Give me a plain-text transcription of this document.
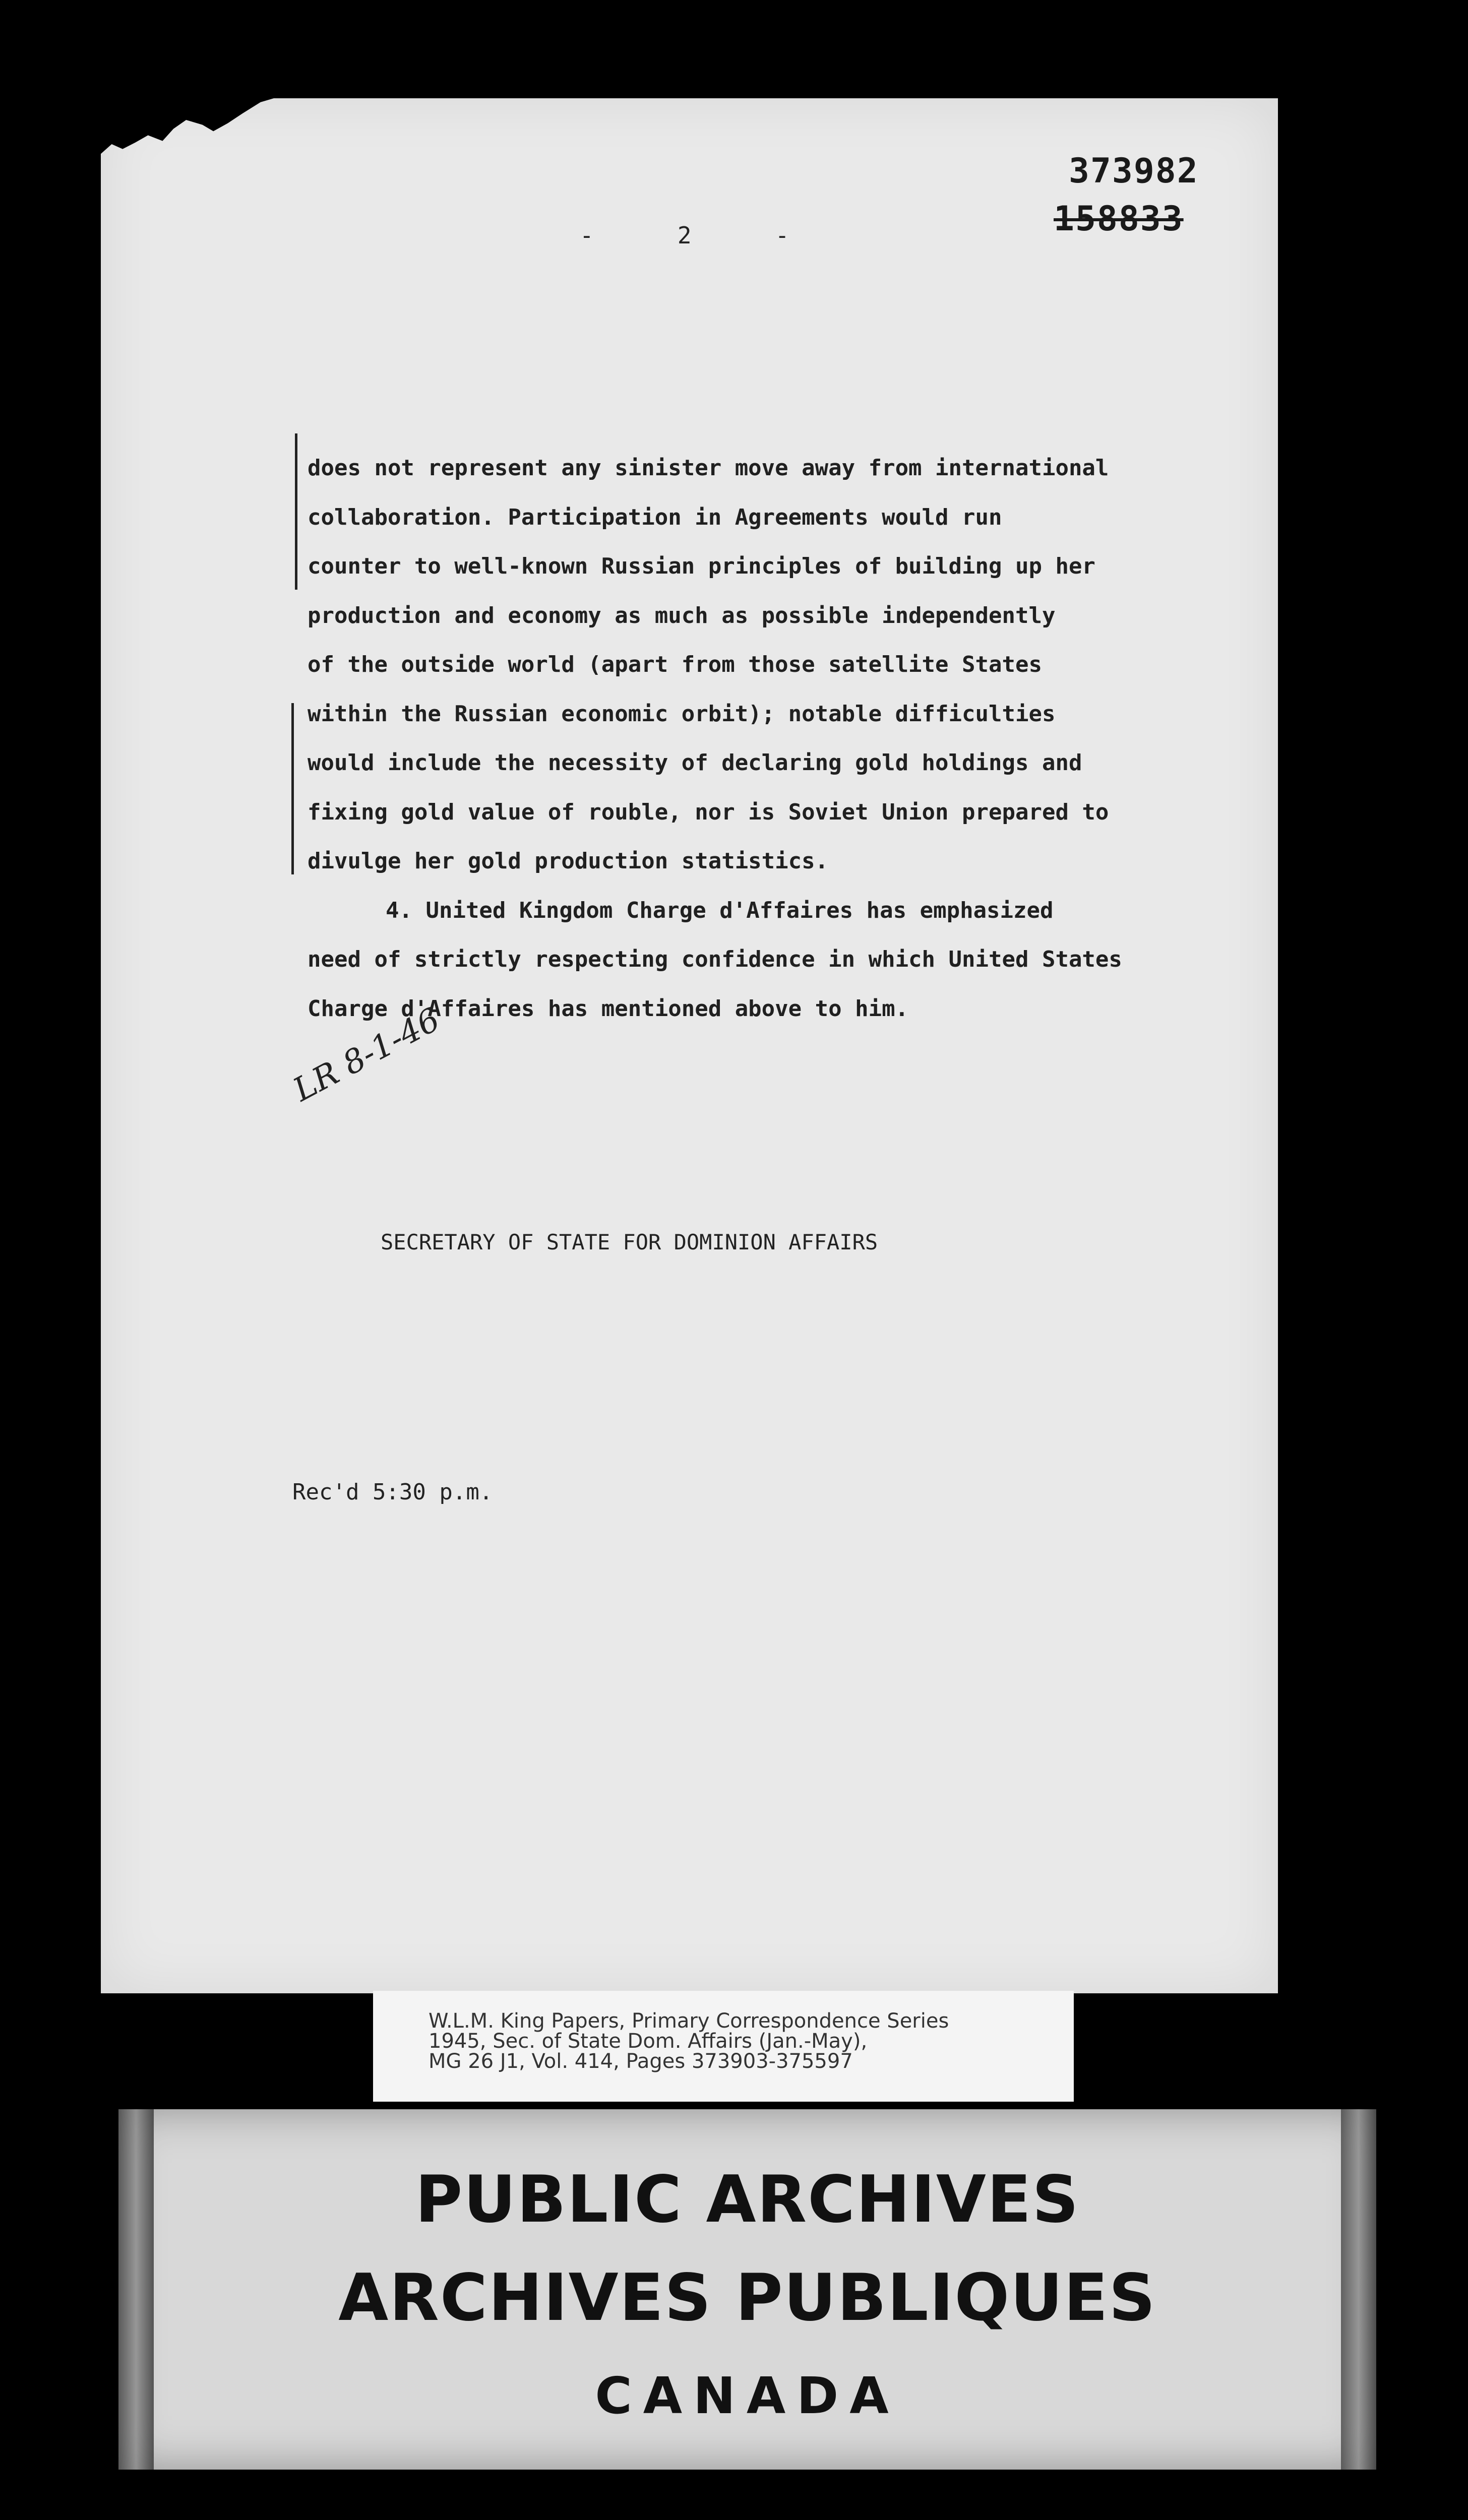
373982
158833
-      2      -
does not represent any sinister move away from international
collaboration. Participation in Agreements would run
counter to well-known Russian principles of building up her
production and economy as much as possible independently
of the outside world (apart from those satellite States
within the Russian economic orbit); notable difficulties
would include the necessity of declaring gold holdings and
fixing gold value of rouble, nor is Soviet Union prepared to
divulge her gold production statistics.
4. United Kingdom Charge d'Affaires has emphasized
need of strictly respecting confidence in which United States
Charge d'Affaires has mentioned above to him.
LR 8-1-46
SECRETARY OF STATE FOR DOMINION AFFAIRS
Rec'd 5:30 p.m.
W.L.M. King Papers, Primary Correspondence Series
1945, Sec. of State Dom. Affairs (Jan.-May),
MG 26 J1, Vol. 414, Pages 373903-375597
PUBLIC ARCHIVES
ARCHIVES PUBLIQUES
CANADA
